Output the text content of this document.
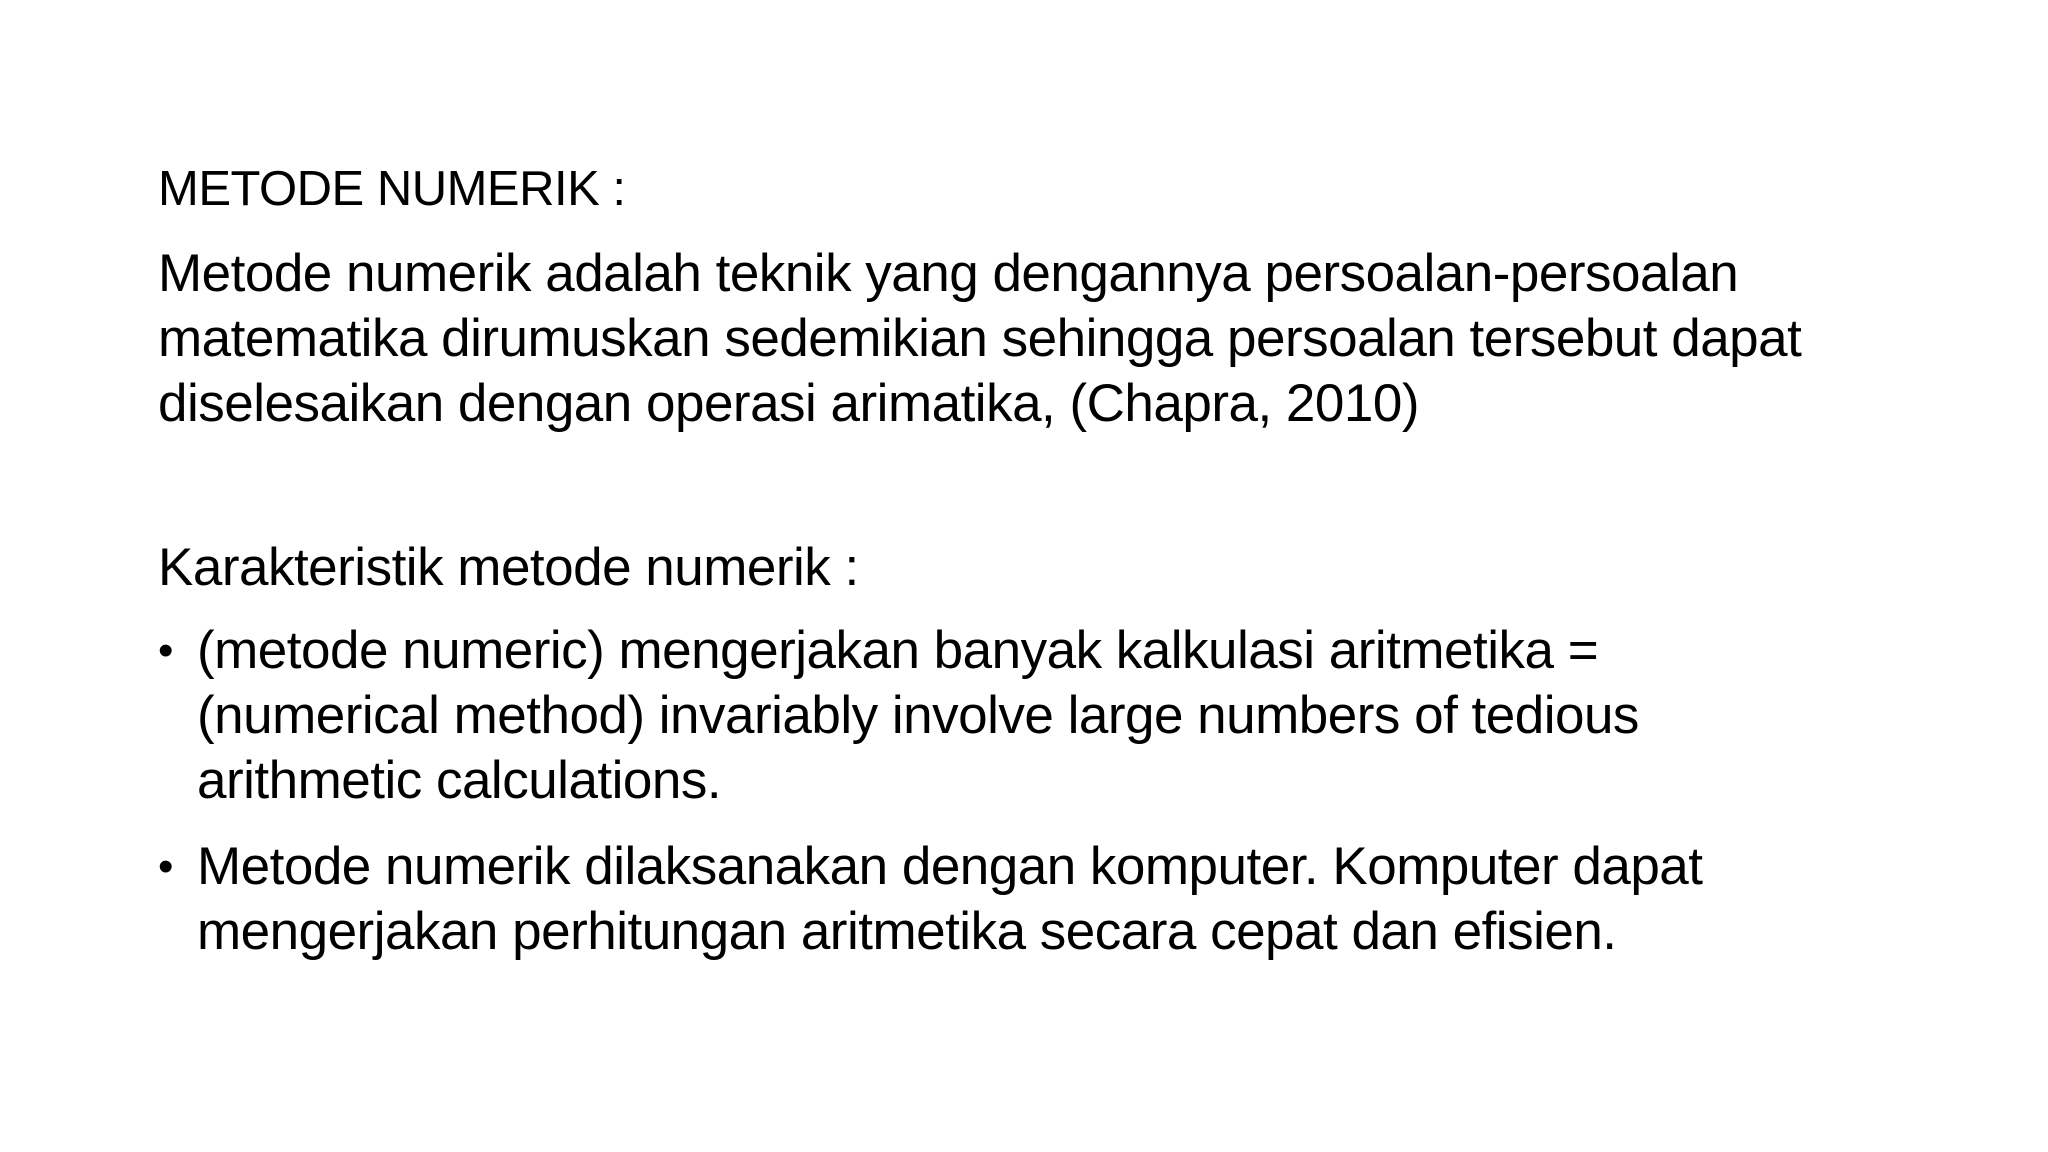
METODE NUMERIK :

Metode numerik adalah teknik yang dengannya persoalan-persoalan
matematika dirumuskan sedemikian sehingga persoalan tersebut dapat
diselesaikan dengan operasi arimatika, (Chapra, 2010)

Karakteristik metode numerik :

• (metode numeric) mengerjakan banyak kalkulasi aritmetika =
(numerical method) invariably involve large numbers of tedious
arithmetic calculations.
• Metode numerik dilaksanakan dengan komputer. Komputer dapat
mengerjakan perhitungan aritmetika secara cepat dan efisien.
